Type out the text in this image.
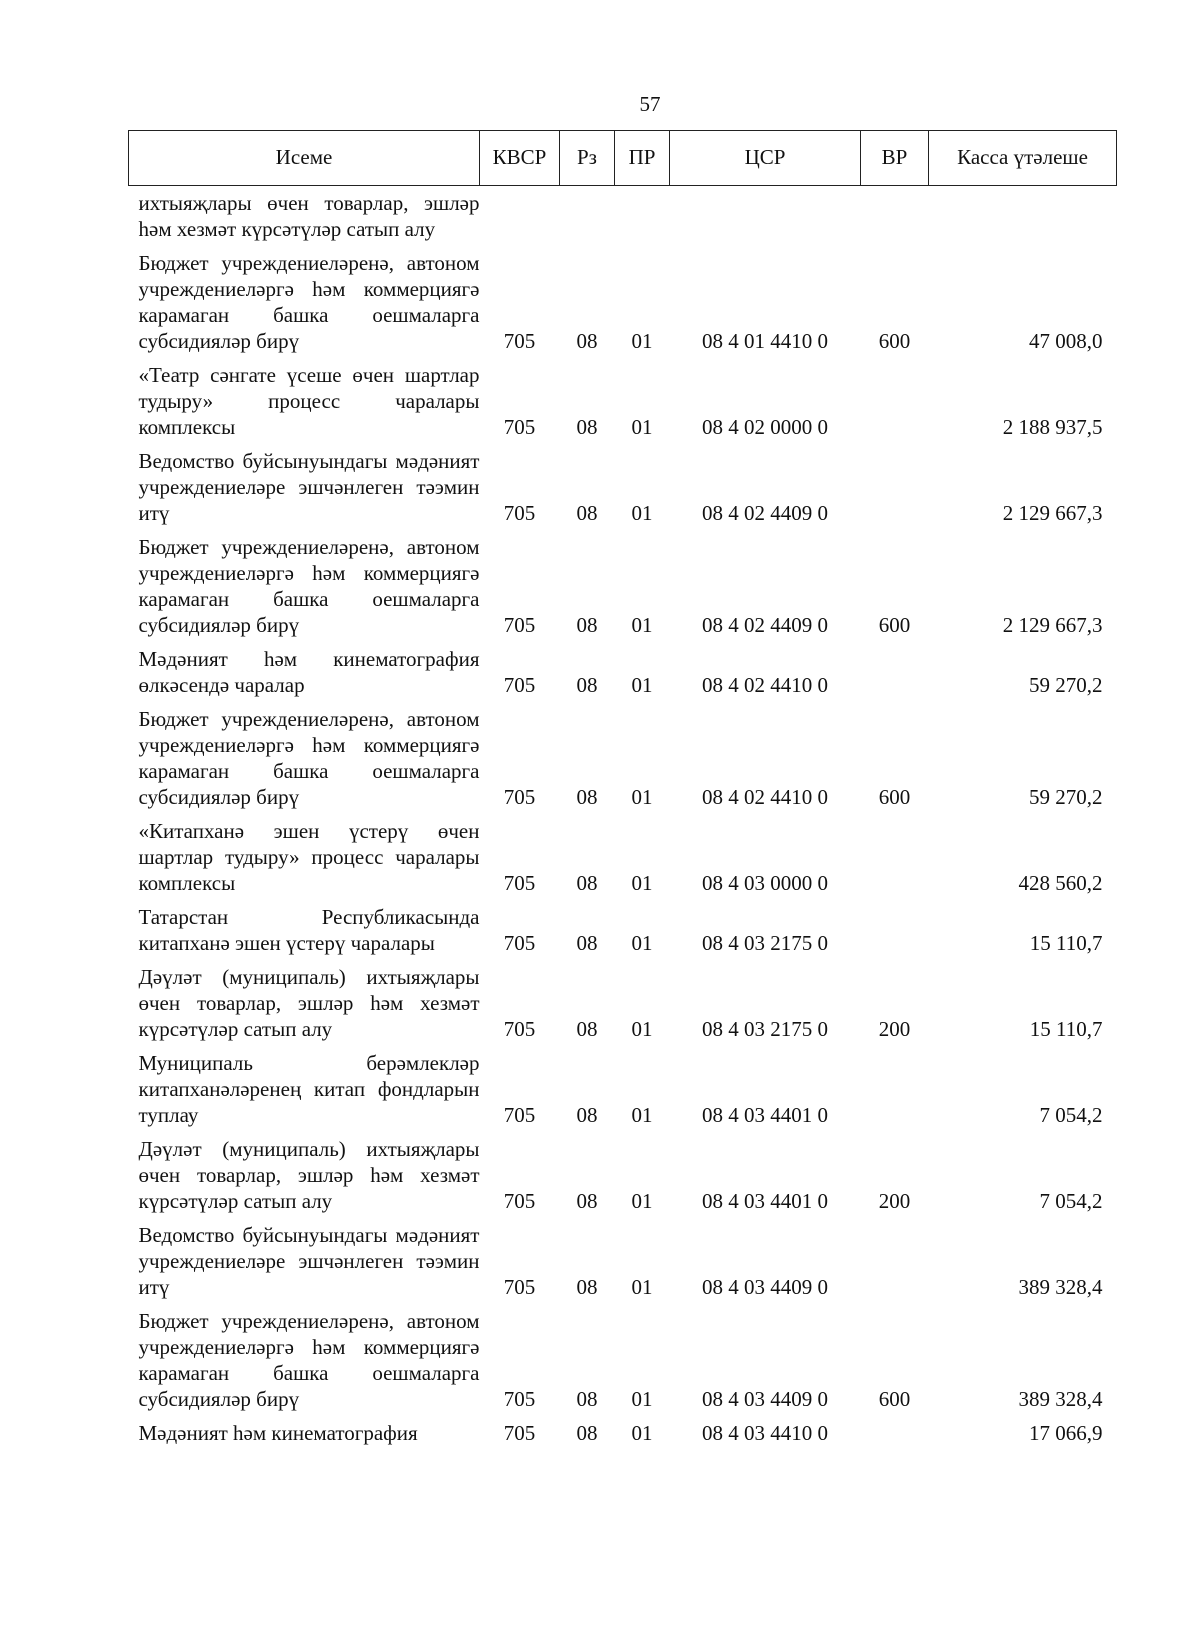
57
Исеме	КВСР	Рз	ПР	ЦСР	ВР	Касса үтәлеше
ихтыяҗлары өчен товарлар, эшләр һәм хезмәт күрсәтүләр сатып алу						
Бюджет учреждениеләренә, автоном учреждениеләргә һәм коммерциягә карамаган башка оешмаларга субсидияләр бирү	705	08	01	08 4 01 4410 0	600	47 008,0
«Театр сәнгате үсеше өчен шартлар тудыру» процесс чаралары комплексы	705	08	01	08 4 02 0000 0		2 188 937,5
Ведомство буйсынуындагы мәдәният учреждениеләре эшчәнлеген тәэмин итү	705	08	01	08 4 02 4409 0		2 129 667,3
Бюджет учреждениеләренә, автоном учреждениеләргә һәм коммерциягә карамаган башка оешмаларга субсидияләр бирү	705	08	01	08 4 02 4409 0	600	2 129 667,3
Мәдәният һәм кинематография өлкәсендә чаралар	705	08	01	08 4 02 4410 0		59 270,2
Бюджет учреждениеләренә, автоном учреждениеләргә һәм коммерциягә карамаган башка оешмаларга субсидияләр бирү	705	08	01	08 4 02 4410 0	600	59 270,2
«Китапханә эшен үстерү өчен шартлар тудыру» процесс чаралары комплексы	705	08	01	08 4 03 0000 0		428 560,2
Татарстан Республикасында китапханә эшен үстерү чаралары	705	08	01	08 4 03 2175 0		15 110,7
Дәүләт (муниципаль) ихтыяҗлары өчен товарлар, эшләр һәм хезмәт күрсәтүләр сатып алу	705	08	01	08 4 03 2175 0	200	15 110,7
Муниципаль берәмлекләр китапханәләренең китап фондларын туплау	705	08	01	08 4 03 4401 0		7 054,2
Дәүләт (муниципаль) ихтыяҗлары өчен товарлар, эшләр һәм хезмәт күрсәтүләр сатып алу	705	08	01	08 4 03 4401 0	200	7 054,2
Ведомство буйсынуындагы мәдәният учреждениеләре эшчәнлеген тәэмин итү	705	08	01	08 4 03 4409 0		389 328,4
Бюджет учреждениеләренә, автоном учреждениеләргә һәм коммерциягә карамаган башка оешмаларга субсидияләр бирү	705	08	01	08 4 03 4409 0	600	389 328,4
Мәдәният һәм кинематография	705	08	01	08 4 03 4410 0		17 066,9
